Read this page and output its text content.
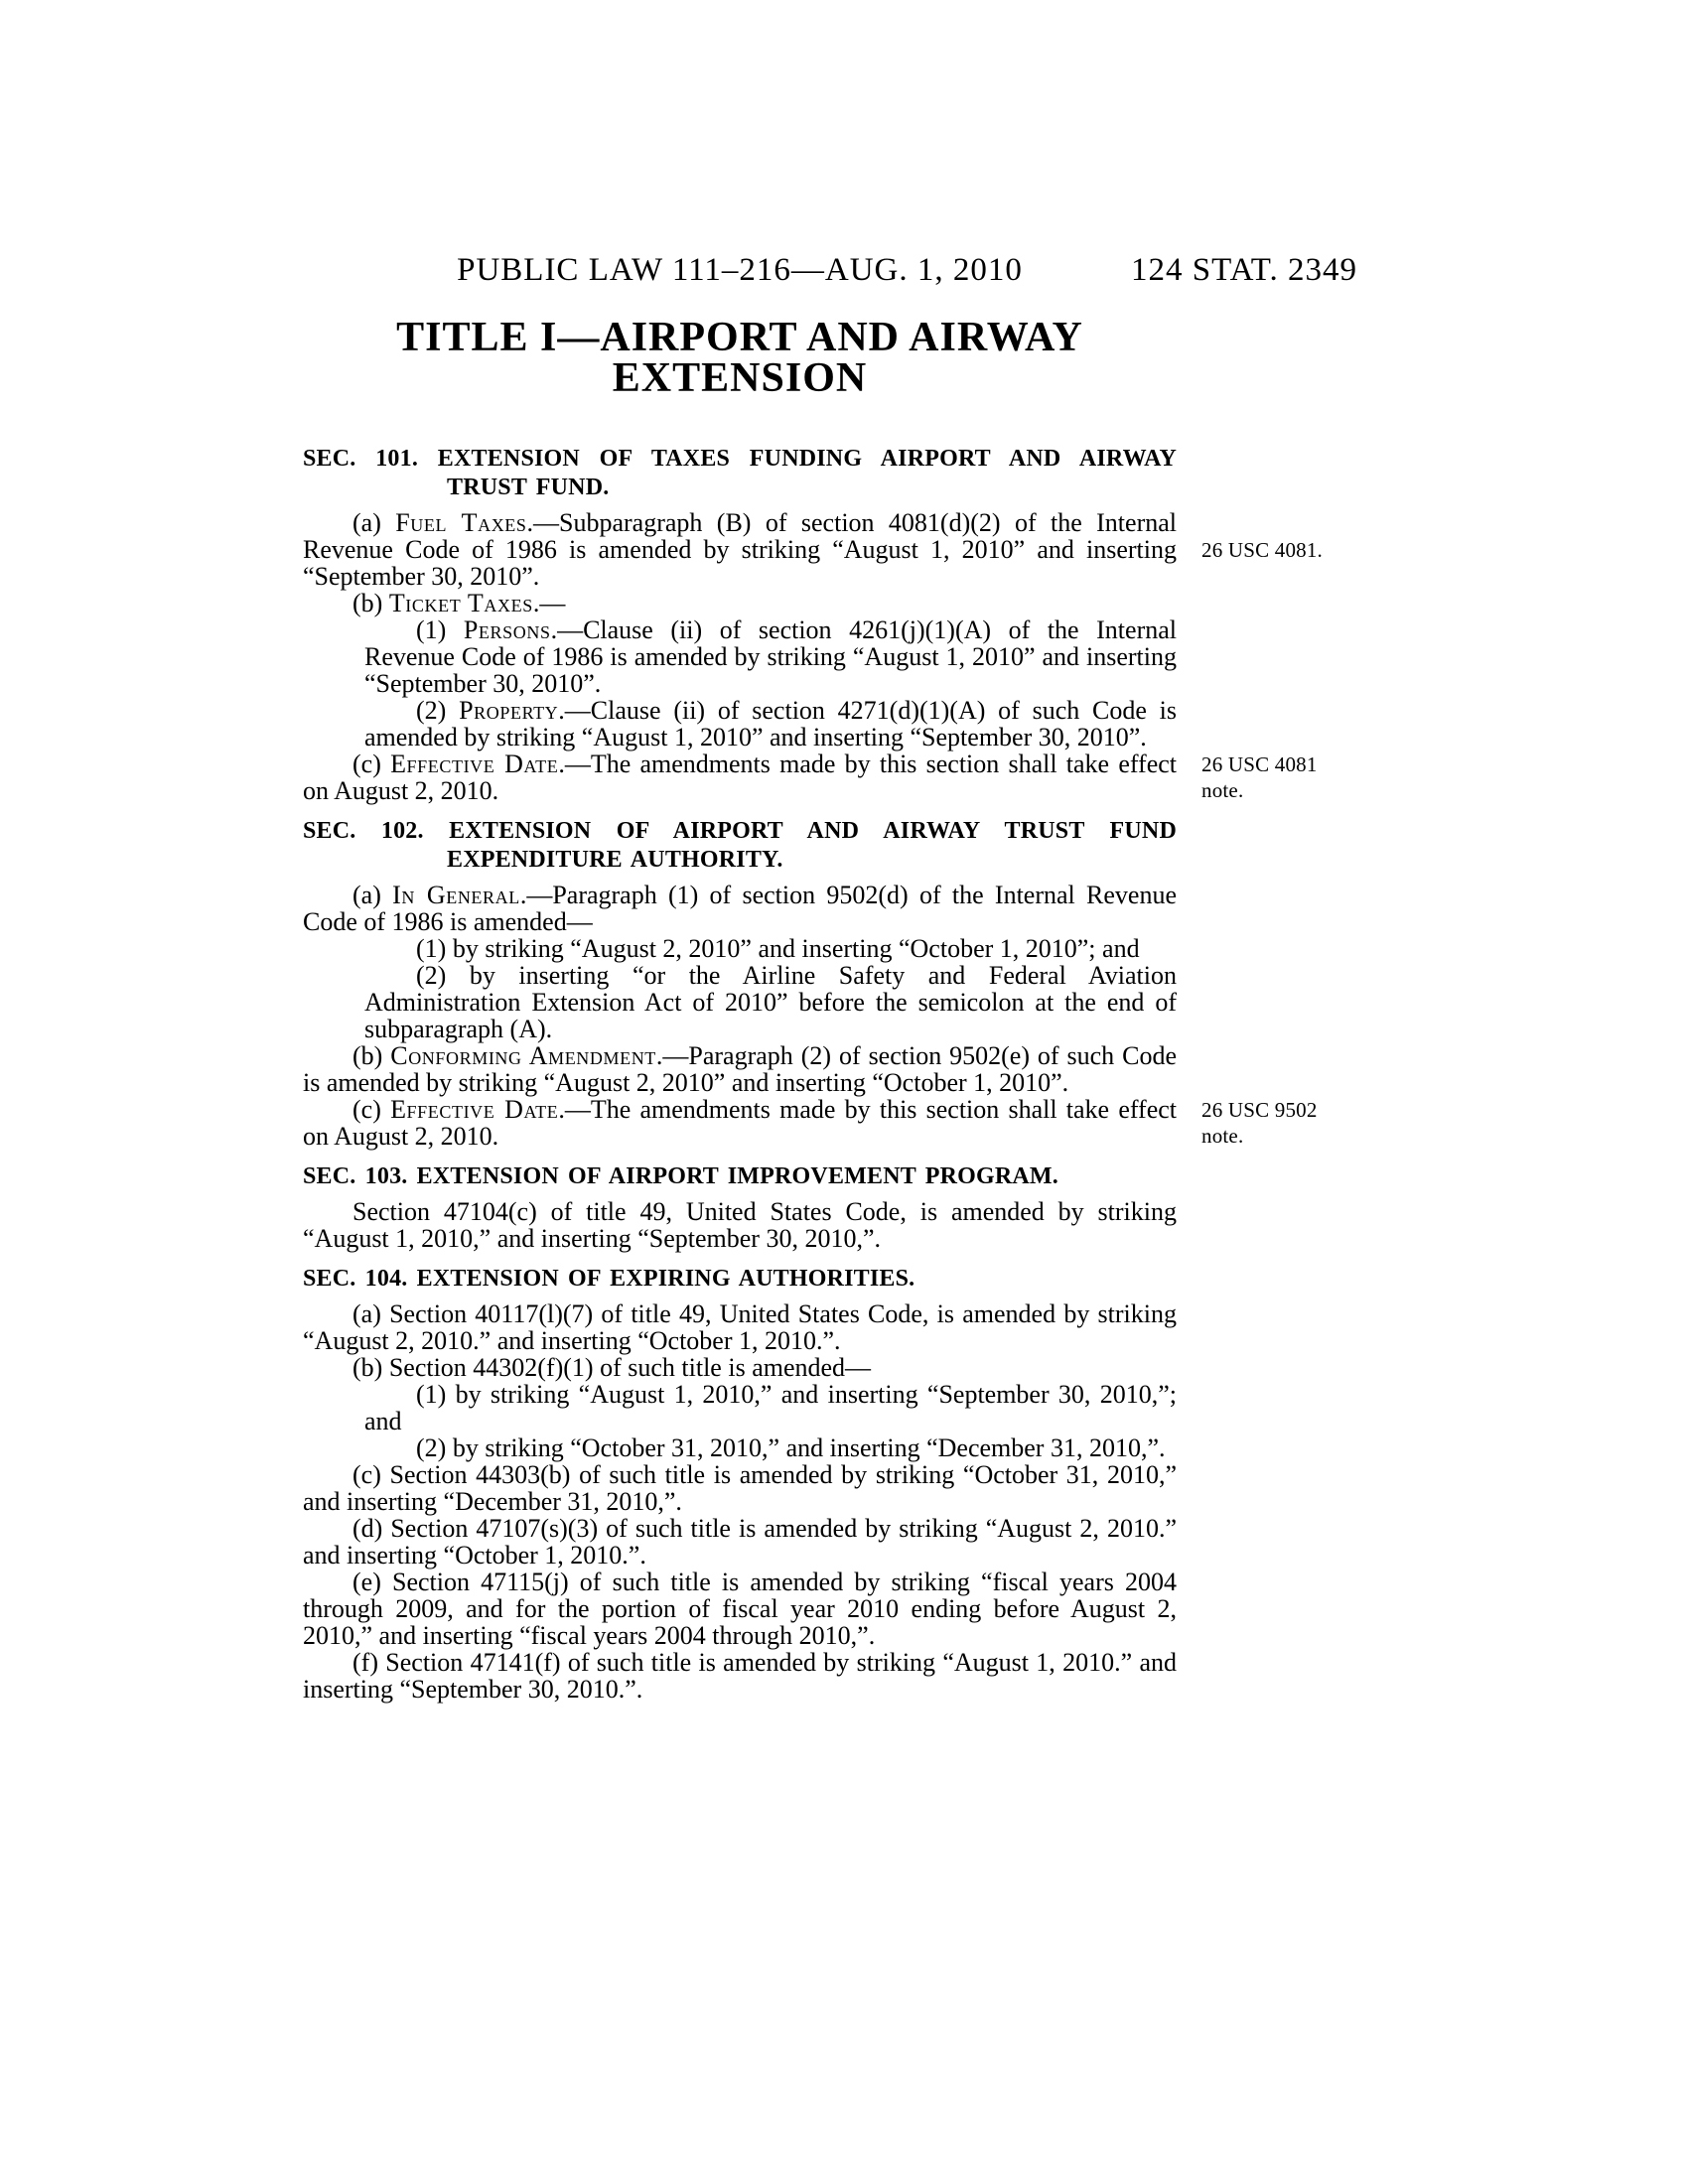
PUBLIC LAW 111–216—AUG. 1, 2010	124 STAT. 2349
TITLE I—AIRPORT AND AIRWAY
EXTENSION
SEC. 101. EXTENSION OF TAXES FUNDING AIRPORT AND AIRWAY TRUST FUND.
(a) Fuel Taxes.—Subparagraph (B) of section 4081(d)(2) of the Internal Revenue Code of 1986 is amended by striking “August 1, 2010” and inserting “September 30, 2010”.
26 USC 4081.
(b) Ticket Taxes.—
(1) Persons.—Clause (ii) of section 4261(j)(1)(A) of the Internal Revenue Code of 1986 is amended by striking “August 1, 2010” and inserting “September 30, 2010”.
(2) Property.—Clause (ii) of section 4271(d)(1)(A) of such Code is amended by striking “August 1, 2010” and inserting “September 30, 2010”.
(c) Effective Date.—The amendments made by this section shall take effect on August 2, 2010.
26 USC 4081 note.
SEC. 102. EXTENSION OF AIRPORT AND AIRWAY TRUST FUND EXPENDITURE AUTHORITY.
(a) In General.—Paragraph (1) of section 9502(d) of the Internal Revenue Code of 1986 is amended—
(1) by striking “August 2, 2010” and inserting “October 1, 2010”; and
(2) by inserting “or the Airline Safety and Federal Aviation Administration Extension Act of 2010” before the semicolon at the end of subparagraph (A).
(b) Conforming Amendment.—Paragraph (2) of section 9502(e) of such Code is amended by striking “August 2, 2010” and inserting “October 1, 2010”.
(c) Effective Date.—The amendments made by this section shall take effect on August 2, 2010.
26 USC 9502 note.
SEC. 103. EXTENSION OF AIRPORT IMPROVEMENT PROGRAM.
Section 47104(c) of title 49, United States Code, is amended by striking “August 1, 2010,” and inserting “September 30, 2010,”.
SEC. 104. EXTENSION OF EXPIRING AUTHORITIES.
(a) Section 40117(l)(7) of title 49, United States Code, is amended by striking “August 2, 2010.” and inserting “October 1, 2010.”.
(b) Section 44302(f)(1) of such title is amended—
(1) by striking “August 1, 2010,” and inserting “September 30, 2010,”; and
(2) by striking “October 31, 2010,” and inserting “December 31, 2010,”.
(c) Section 44303(b) of such title is amended by striking “October 31, 2010,” and inserting “December 31, 2010,”.
(d) Section 47107(s)(3) of such title is amended by striking “August 2, 2010.” and inserting “October 1, 2010.”.
(e) Section 47115(j) of such title is amended by striking “fiscal years 2004 through 2009, and for the portion of fiscal year 2010 ending before August 2, 2010,” and inserting “fiscal years 2004 through 2010,”.
(f) Section 47141(f) of such title is amended by striking “August 1, 2010.” and inserting “September 30, 2010.”.
